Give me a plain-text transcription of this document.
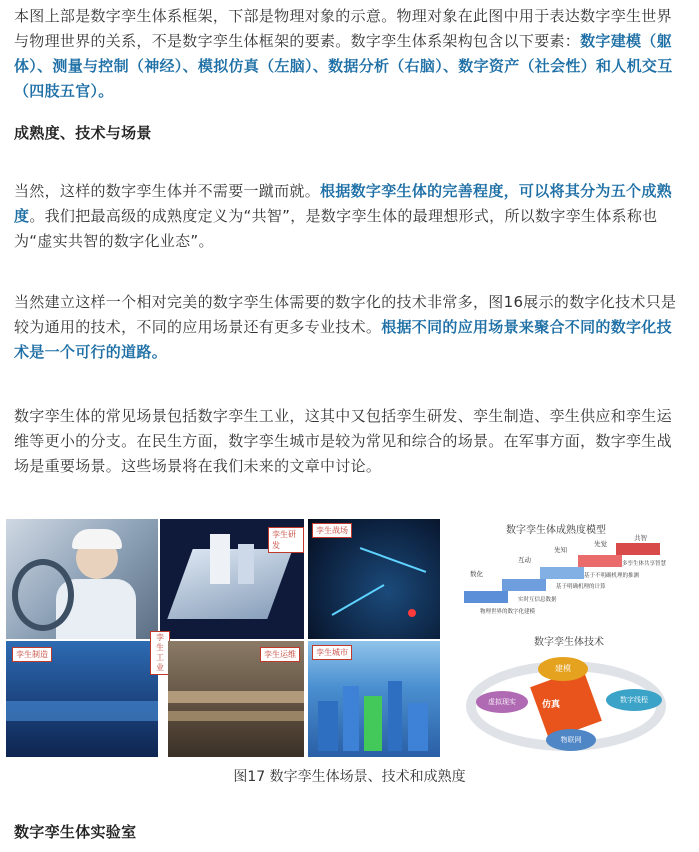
本图上部是数字孪生体系框架，下部是物理对象的示意。物理对象在此图中用于表达数字孪生世界与物理世界的关系，不是数字孪生体框架的要素。数字孪生体系架构包含以下要素：数字建模（躯体）、测量与控制（神经）、模拟仿真（左脑）、数据分析（右脑）、数字资产（社会性）和人机交互（四肢五官）。

成熟度、技术与场景

当然，这样的数字孪生体并不需要一蹴而就。根据数字孪生体的完善程度，可以将其分为五个成熟度。我们把最高级的成熟度定义为“共智”，是数字孪生体的最理想形式，所以数字孪生体系称也为“虚实共智的数字化业态”。

当然建立这样一个相对完美的数字孪生体需要的数字化的技术非常多，图16展示的数字化技术只是较为通用的技术，不同的应用场景还有更多专业技术。根据不同的应用场景来聚合不同的数字化技术是一个可行的道路。

数字孪生体的常见场景包括数字孪生工业，这其中又包括孪生研发、孪生制造、孪生供应和孪生运维等更小的分支。在民生方面，数字孪生城市是较为常见和综合的场景。在军事方面，数字孪生战场是重要场景。这些场景将在我们未来的文章中讨论。

孪生研发
孪生制造
孪生工业
孪生运维
孪生战场
孪生城市
数字孪生体成熟度模型
数化
互动
先知
先觉
共智
多孪生体共享智慧
基于不明确机理的推测
基于明确机理的计算
实时互信息数据
物理世界的数字化建模
数字孪生体技术
仿真
建模
数字线程
物联网
虚拟现实
图17 数字孪生体场景、技术和成熟度

数字孪生体实验室
